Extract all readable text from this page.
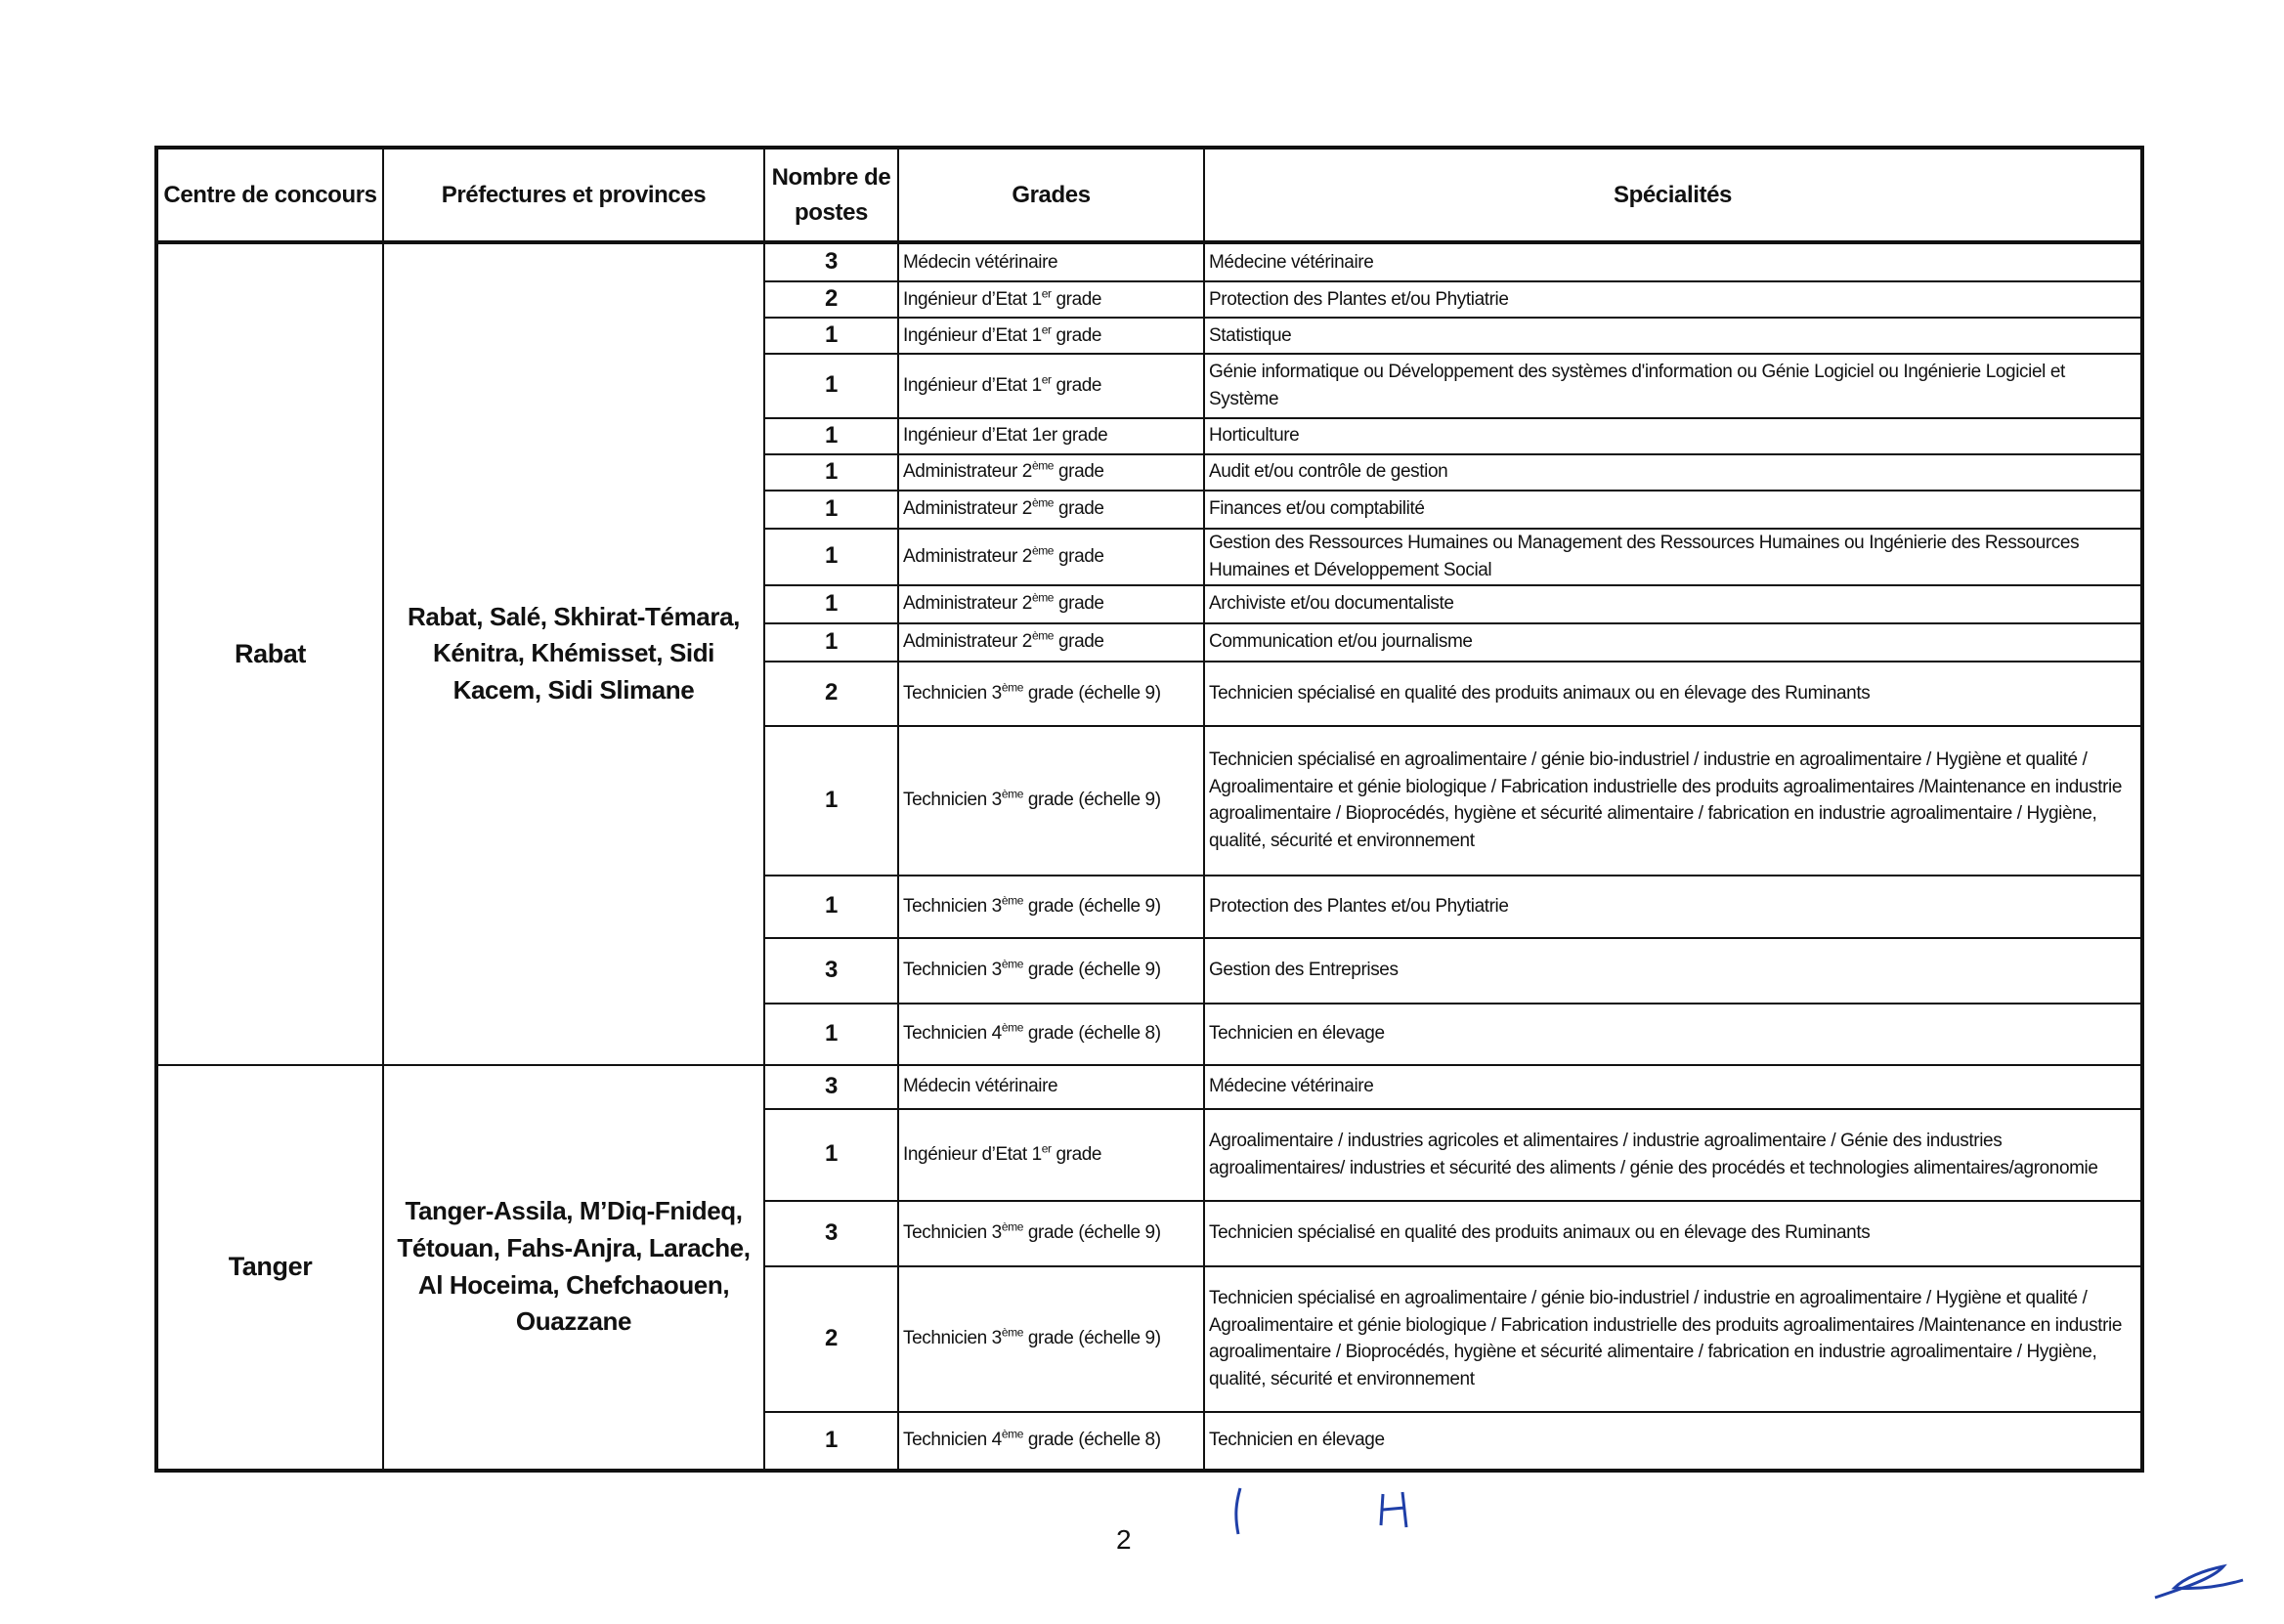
Centre de concours	Préfectures et provinces	Nombre de postes	Grades	Spécialités
Rabat	Rabat, Salé, Skhirat-Témara, Kénitra, Khémisset, Sidi Kacem, Sidi Slimane	3	Médecin vétérinaire	Médecine vétérinaire
		2	Ingénieur d’Etat 1er grade	Protection des Plantes et/ou Phytiatrie
		1	Ingénieur d’Etat 1er grade	Statistique
		1	Ingénieur d’Etat 1er grade	Génie informatique ou Développement des systèmes d'information ou Génie Logiciel ou Ingénierie Logiciel et Système
		1	Ingénieur d’Etat 1er grade	Horticulture
		1	Administrateur 2ème grade	Audit et/ou contrôle de gestion
		1	Administrateur 2ème grade	Finances et/ou comptabilité
		1	Administrateur 2ème grade	Gestion des Ressources Humaines ou Management des Ressources Humaines ou Ingénierie des Ressources Humaines et Développement Social
		1	Administrateur 2ème grade	Archiviste et/ou documentaliste
		1	Administrateur 2ème grade	Communication et/ou journalisme
		2	Technicien 3ème grade (échelle 9)	Technicien spécialisé en qualité des produits animaux ou en élevage des Ruminants
		1	Technicien 3ème grade (échelle 9)	Technicien spécialisé en agroalimentaire / génie bio-industriel / industrie en agroalimentaire / Hygiène et qualité / Agroalimentaire et génie biologique / Fabrication industrielle des produits agroalimentaires /Maintenance en industrie agroalimentaire / Bioprocédés, hygiène et sécurité alimentaire / fabrication en industrie agroalimentaire / Hygiène, qualité, sécurité et environnement
		1	Technicien 3ème grade (échelle 9)	Protection des Plantes et/ou Phytiatrie
		3	Technicien 3ème grade (échelle 9)	Gestion des Entreprises
		1	Technicien 4ème grade (échelle 8)	Technicien en élevage
Tanger	Tanger-Assila, M’Diq-Fnideq, Tétouan, Fahs-Anjra, Larache, Al Hoceima, Chefchaouen, Ouazzane	3	Médecin vétérinaire	Médecine vétérinaire
		1	Ingénieur d’Etat 1er grade	Agroalimentaire / industries agricoles et alimentaires / industrie agroalimentaire / Génie des industries agroalimentaires/ industries et sécurité des aliments / génie des procédés et technologies alimentaires/agronomie
		3	Technicien 3ème grade (échelle 9)	Technicien spécialisé en qualité des produits animaux ou en élevage des Ruminants
		2	Technicien 3ème grade (échelle 9)	Technicien spécialisé en agroalimentaire / génie bio-industriel / industrie en agroalimentaire / Hygiène et qualité / Agroalimentaire et génie biologique / Fabrication industrielle des produits agroalimentaires /Maintenance en industrie agroalimentaire / Bioprocédés, hygiène et sécurité alimentaire / fabrication en industrie agroalimentaire / Hygiène, qualité, sécurité et environnement
		1	Technicien 4ème grade (échelle 8)	Technicien en élevage
2
